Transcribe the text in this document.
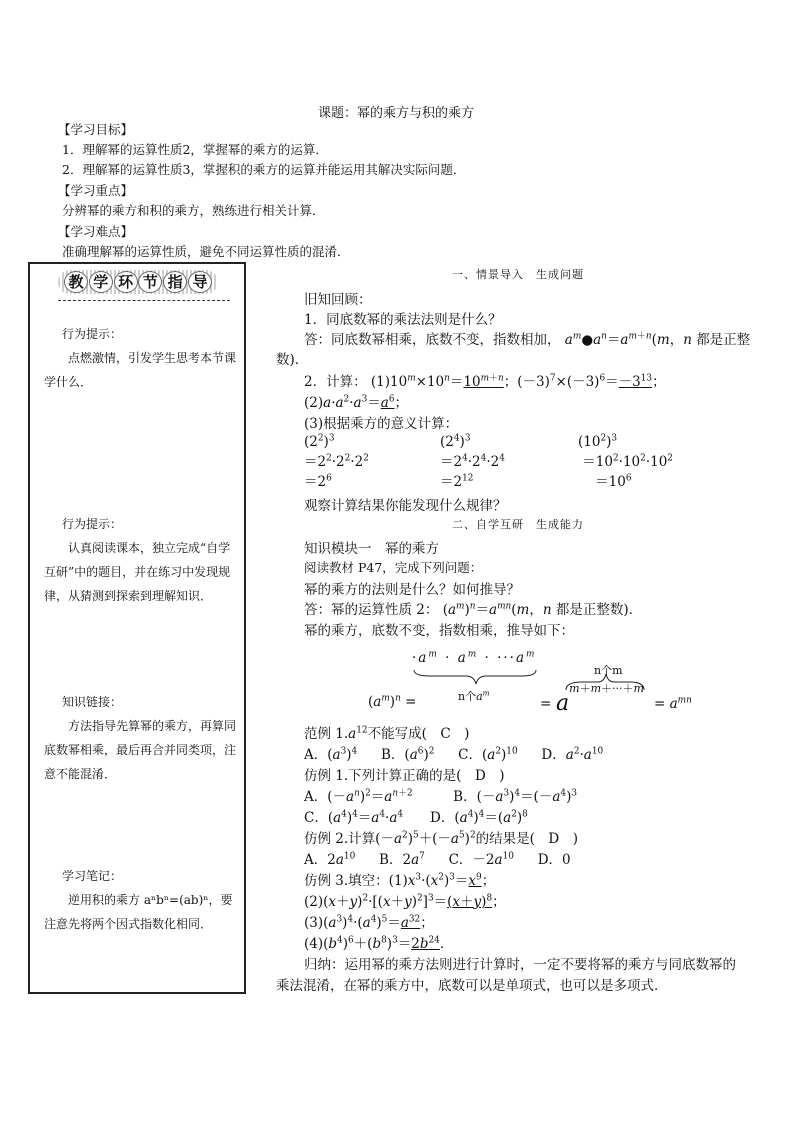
课题：幂的乘方与积的乘方
【学习目标】
1．理解幂的运算性质2，掌握幂的乘方的运算．
2．理解幂的运算性质3，掌握积的乘方的运算并能运用其解决实际问题．
【学习重点】
分辨幂的乘方和积的乘方，熟练进行相关计算．
【学习难点】
准确理解幂的运算性质，避免不同运算性质的混淆．
教 学 环 节 指 导
行为提示：
点燃激情，引发学生思考本节课学什么．
行为提示：
认真阅读课本，独立完成“自学互研”中的题目，并在练习中发现规律，从猜测到探索到理解知识．
知识链接：
方法指导先算幂的乘方，再算同底数幂相乘，最后再合并同类项，注意不能混淆．
学习笔记：
逆用积的乘方 aⁿbⁿ=(ab)ⁿ，要注意先将两个因式指数化相同．
一、情景导入　生成问题
旧知回顾：
1．同底数幂的乘法法则是什么？
答：同底数幂相乘，底数不变，指数相加， $a^m●a^n=a^{m+n}(m$，n 都是正整
数)．
2．计算： $(1)10^m\times 10^n=10^{m+n}$；$(-3)^7\times(-3)^6=-3^{13}$；
$(2)a\cdot a^2\cdot a^3=a^6$；
(3)根据乘方的意义计算：
$(2^2)^3$
$=2^2\cdot 2^2\cdot 2^2$
$=2^6$
$(2^4)^3$
$=2^4\cdot 2^4\cdot 2^4$
$=2^{12}$
$(10^2)^3$
$=10^2\cdot 10^2\cdot 10^2$
$=10^6$
观察计算结果你能发现什么规律？
二、自学互研　生成能力
知识模块一　幂的乘方
阅读教材 P47，完成下列问题：
幂的乘方的法则是什么？如何推导？
答：幂的运算性质 2： $(a^m)^n=a^{mn}(m$，n 都是正整数)．
幂的乘方，底数不变，指数相乘，推导如下：
$\cdot a^m \cdot a^m \cdot \cdot\cdot\cdot a^m$
n个$a^m$
n个m
$(a^m)^n$ =	= $a^{m+m+\cdot\cdot\cdot+m}$
= $a^{mn}$
范例 $1.a^{12}$不能写成(　C　)
A．$(a^3)^4$　 B．$(a^6)^2$　 C．$(a^2)^{10}$　 D．$a^2\cdot a^{10}$
仿例 1.下列计算正确的是(　D　)
A．$(-a^n)^2=a^{n+2}$　　　B．$(-a^3)^4=(-a^4)^3$
C．$(a^4)^4=a^4\cdot a^4$　　D．$(a^4)^4=(a^2)^8$
仿例 2.计算$(-a^2)^5+(-a^5)^2$的结果是(　D　)
A．$2a^{10}$　 B．$2a^7$　 C．$-2a^{10}$　 D．0
仿例 3.填空：$(1)x^3\cdot(x^2)^3=x^9$；
$(2)(x+y)^2\cdot[(x+y)^2]^3=(x+y)^8$；
$(3)(a^3)^4\cdot(a^4)^5=a^{32}$；
$(4)(b^4)^6+(b^8)^3=2b^{24}$．
归纳：运用幂的乘方法则进行计算时，一定不要将幂的乘方与同底数幂的
乘法混淆，在幂的乘方中，底数可以是单项式，也可以是多项式．
